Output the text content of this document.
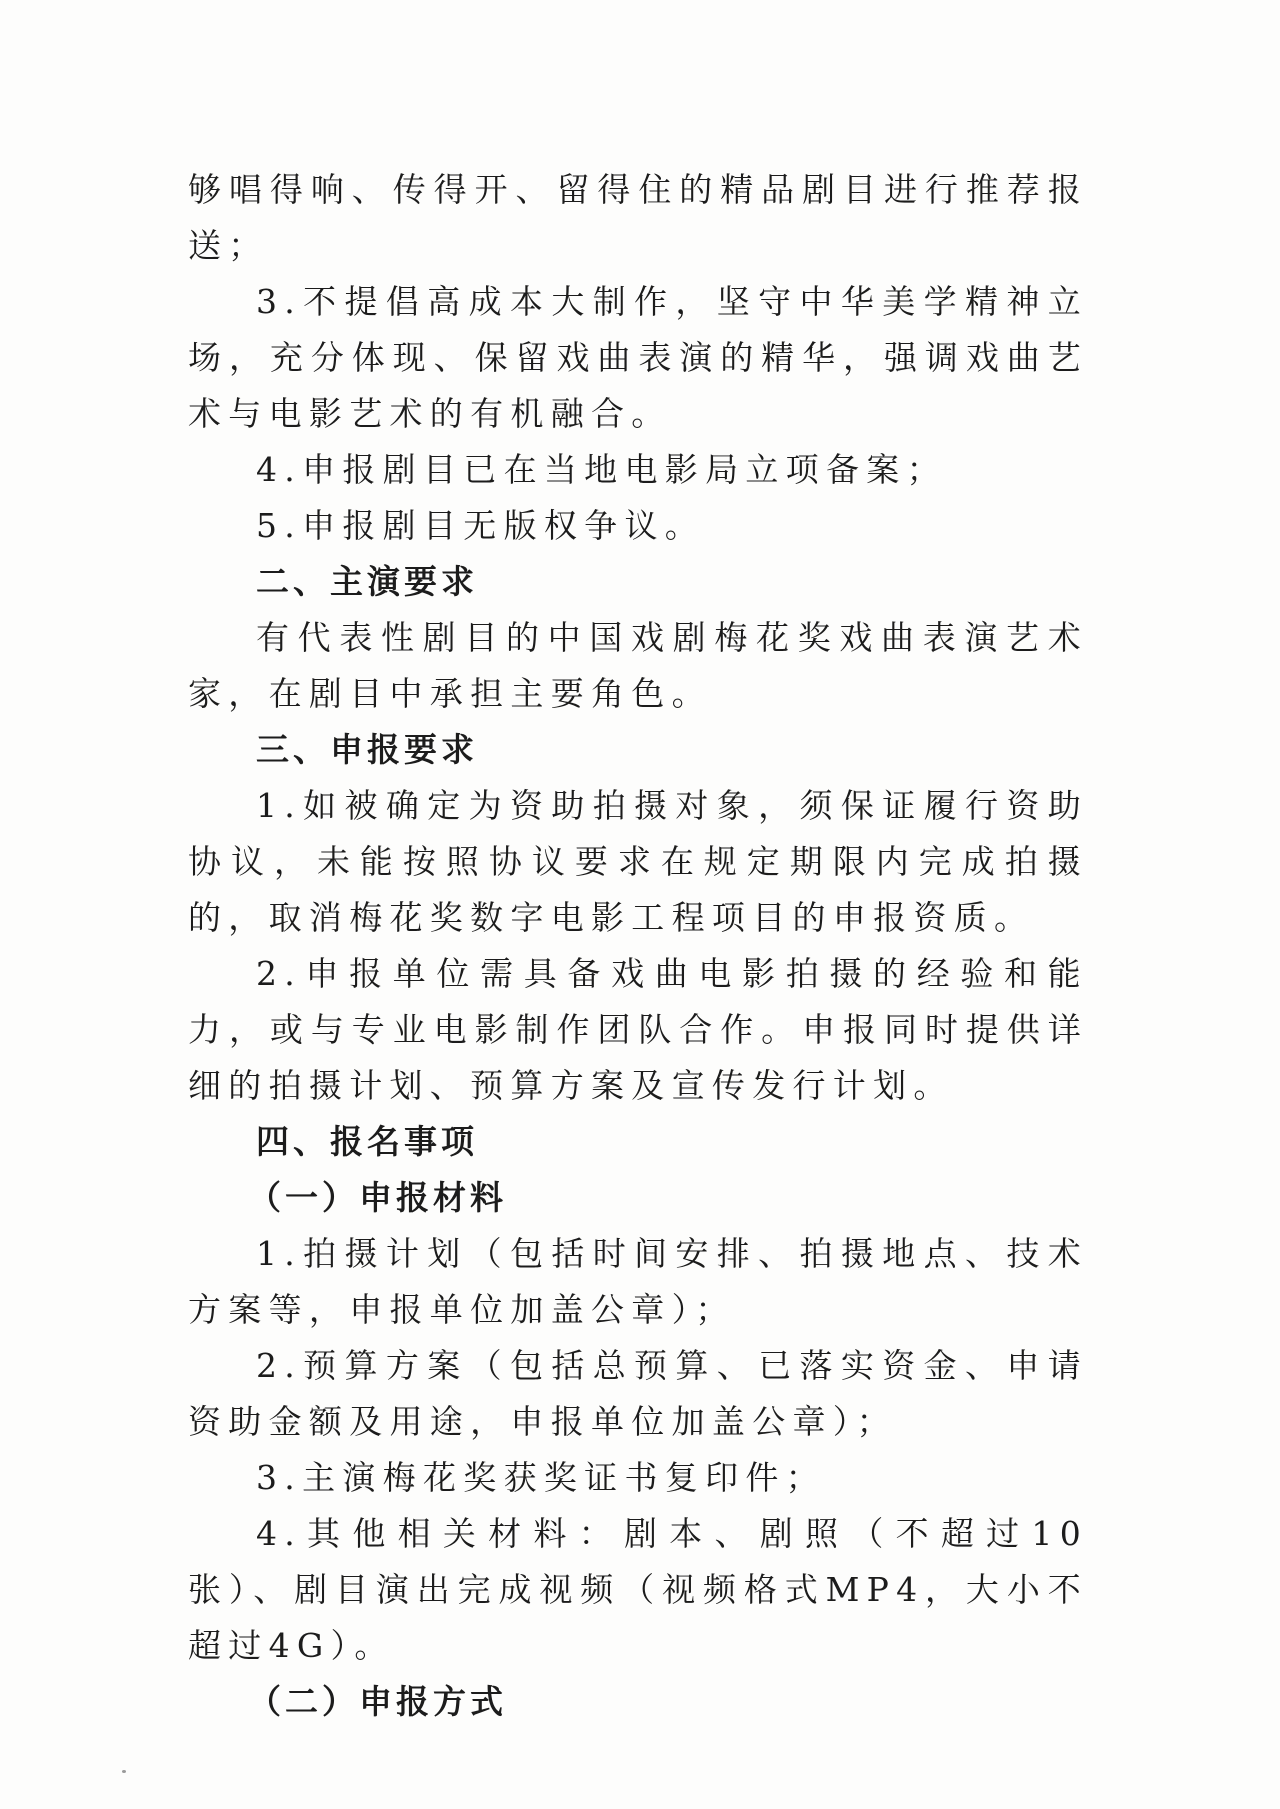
够唱得响、传得开、留得住的精品剧目进行推荐报送；

3.不提倡高成本大制作，坚守中华美学精神立场，充分体现、保留戏曲表演的精华，强调戏曲艺术与电影艺术的有机融合。

4.申报剧目已在当地电影局立项备案；

5.申报剧目无版权争议。

二、主演要求

有代表性剧目的中国戏剧梅花奖戏曲表演艺术家，在剧目中承担主要角色。

三、申报要求

1.如被确定为资助拍摄对象，须保证履行资助协议，未能按照协议要求在规定期限内完成拍摄的，取消梅花奖数字电影工程项目的申报资质。

2.申报单位需具备戏曲电影拍摄的经验和能力，或与专业电影制作团队合作。申报同时提供详细的拍摄计划、预算方案及宣传发行计划。

四、报名事项

（一）申报材料

1.拍摄计划（包括时间安排、拍摄地点、技术方案等，申报单位加盖公章）；

2.预算方案（包括总预算、已落实资金、申请资助金额及用途，申报单位加盖公章）；

3.主演梅花奖获奖证书复印件；

4.其他相关材料：剧本、剧照（不超过10张）、剧目演出完成视频（视频格式MP4，大小不超过4G）。

（二）申报方式
